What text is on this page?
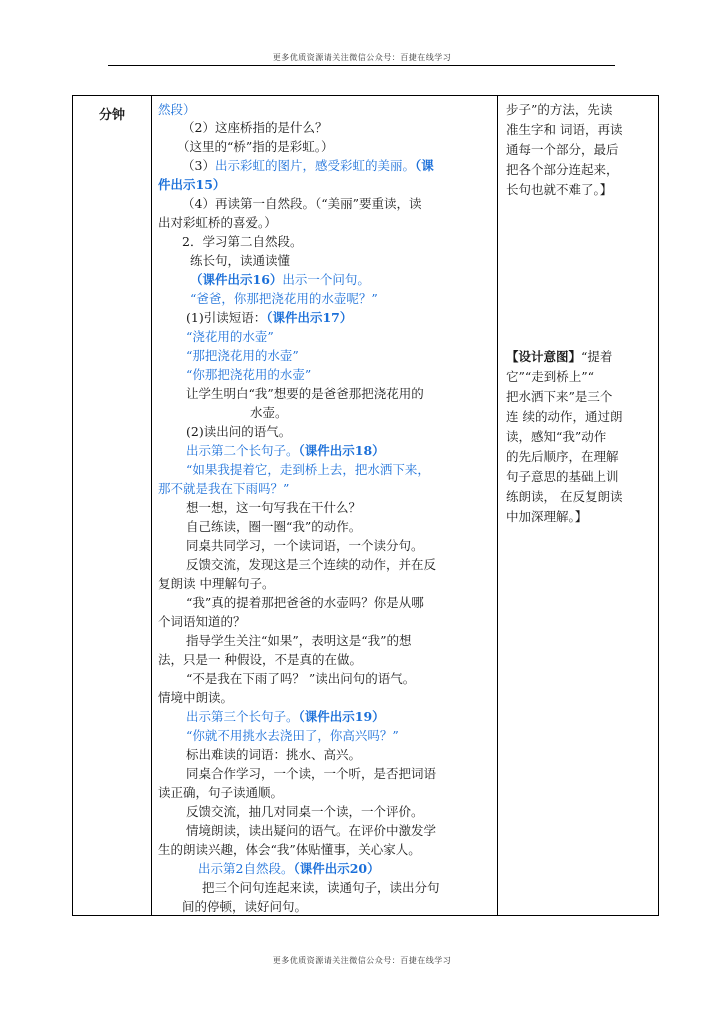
更多优质资源请关注微信公众号：百捷在线学习
分钟	然段）
（2）这座桥指的是什么？
（这里的“桥”指的是彩虹。）
（3）出示彩虹的图片，感受彩虹的美丽。（课
件出示15）
（4）再读第一自然段。（“美丽”要重读，读
出对彩虹桥的喜爱。）
2．学习第二自然段。
练长句，读通读懂
（课件出示16）出示一个问句。
“爸爸，你那把浇花用的水壶呢？”
(1)引读短语：（课件出示17）
“浇花用的水壶”
“那把浇花用的水壶”
“你那把浇花用的水壶”
让学生明白“我”想要的是爸爸那把浇花用的
水壶。
(2)读出问的语气。
出示第二个长句子。（课件出示18）
“如果我提着它，走到桥上去，把水洒下来，
那不就是我在下雨吗？”
想一想，这一句写我在干什么？
自己练读，圈一圈“我”的动作。
同桌共同学习，一个读词语，一个读分句。
反馈交流，发现这是三个连续的动作，并在反
复朗读 中理解句子。
“我”真的提着那把爸爸的水壶吗？你是从哪
个词语知道的？
指导学生关注“如果”，表明这是“我”的想
法，只是一 种假设，不是真的在做。
“不是我在下雨了吗？ ”读出问句的语气。
情境中朗读。
出示第三个长句子。（课件出示19）
“你就不用挑水去浇田了，你高兴吗？”
标出难读的词语：挑水、高兴。
同桌合作学习，一个读，一个听，是否把词语
读正确，句子读通顺。
反馈交流，抽几对同桌一个读，一个评价。
情境朗读，读出疑问的语气。在评价中激发学
生的朗读兴趣，体会“我”体贴懂事，关心家人。
出示第2自然段。（课件出示20）
把三个问句连起来读，读通句子，读出分句
间的停顿，读好问句。

步子”的方法，先读
准生字和 词语，再读
通每一个部分，最后
把各个部分连起来，
长句也就不难了。】
【设计意图】“提着
它”“走到桥上”“
把水洒下来”是三个
连 续的动作，通过朗
读，感知“我”动作
的先后顺序，在理解
句子意思的基础上训
练朗读， 在反复朗读
中加深理解。】
更多优质资源请关注微信公众号：百捷在线学习
